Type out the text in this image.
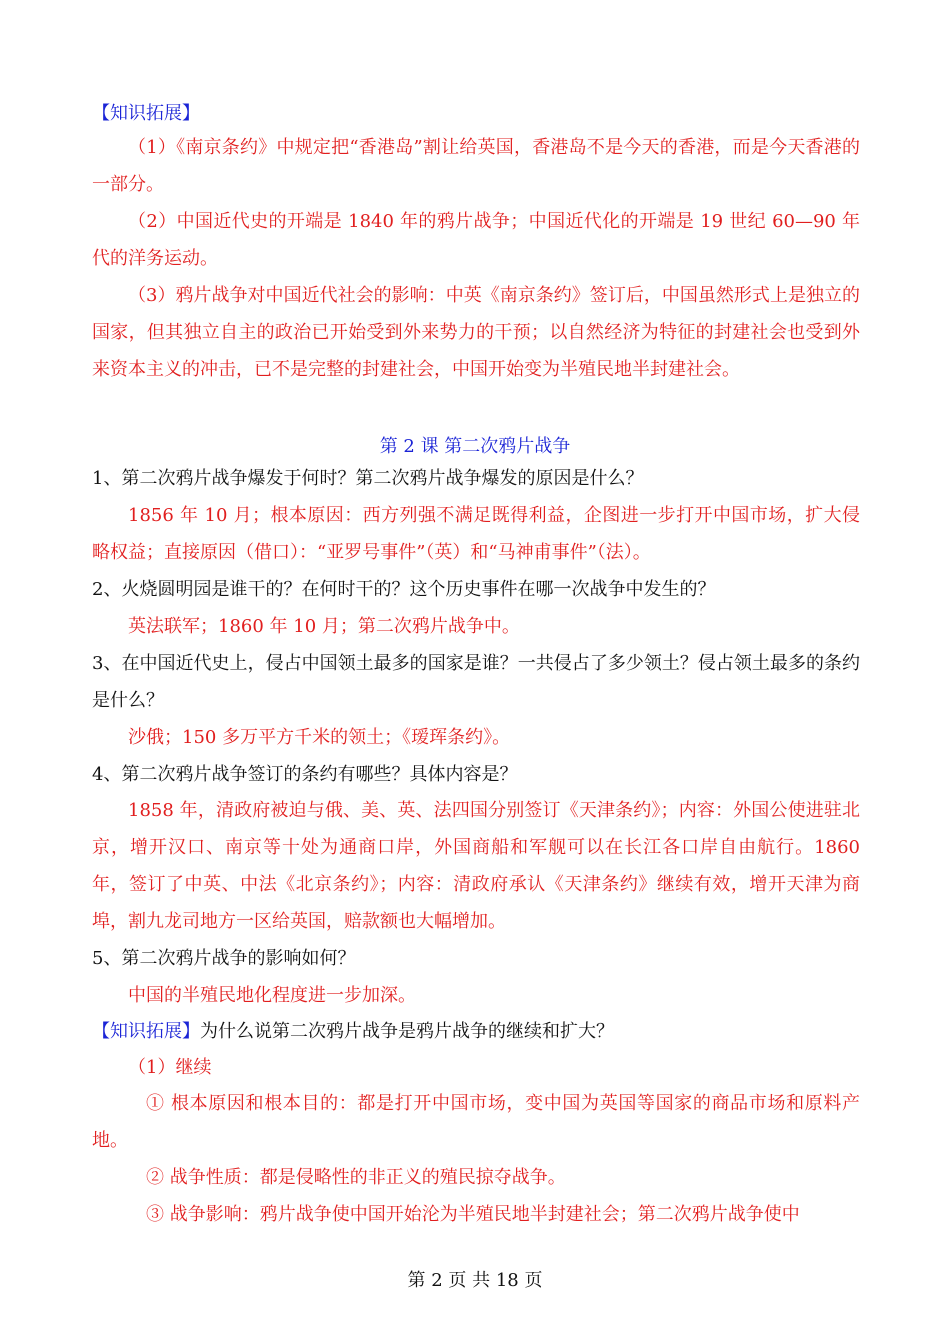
【知识拓展】
（1）《南京条约》中规定把“香港岛”割让给英国，香港岛不是今天的香港，而是今天香港的一部分。
（2）中国近代史的开端是 1840 年的鸦片战争；中国近代化的开端是 19 世纪 60—90 年代的洋务运动。
（3）鸦片战争对中国近代社会的影响：中英《南京条约》签订后，中国虽然形式上是独立的国家，但其独立自主的政治已开始受到外来势力的干预；以自然经济为特征的封建社会也受到外来资本主义的冲击，已不是完整的封建社会，中国开始变为半殖民地半封建社会。
第 2 课 第二次鸦片战争
1、第二次鸦片战争爆发于何时？第二次鸦片战争爆发的原因是什么？
1856 年 10 月；根本原因：西方列强不满足既得利益，企图进一步打开中国市场，扩大侵略权益；直接原因（借口）：“亚罗号事件”（英）和“马神甫事件”（法）。
2、火烧圆明园是谁干的？在何时干的？这个历史事件在哪一次战争中发生的？
英法联军；1860 年 10 月；第二次鸦片战争中。
3、在中国近代史上，侵占中国领土最多的国家是谁？一共侵占了多少领土？侵占领土最多的条约是什么？
沙俄；150 多万平方千米的领土；《瑷珲条约》。
4、第二次鸦片战争签订的条约有哪些？具体内容是？
1858 年，清政府被迫与俄、美、英、法四国分别签订《天津条约》；内容：外国公使进驻北京，增开汉口、南京等十处为通商口岸，外国商船和军舰可以在长江各口岸自由航行。1860 年，签订了中英、中法《北京条约》；内容：清政府承认《天津条约》继续有效，增开天津为商埠，割九龙司地方一区给英国，赔款额也大幅增加。
5、第二次鸦片战争的影响如何？
中国的半殖民地化程度进一步加深。
【知识拓展】为什么说第二次鸦片战争是鸦片战争的继续和扩大？
（1）继续
① 根本原因和根本目的：都是打开中国市场，变中国为英国等国家的商品市场和原料产地。
② 战争性质：都是侵略性的非正义的殖民掠夺战争。
③ 战争影响：鸦片战争使中国开始沦为半殖民地半封建社会；第二次鸦片战争使中
第 2 页 共 18 页
